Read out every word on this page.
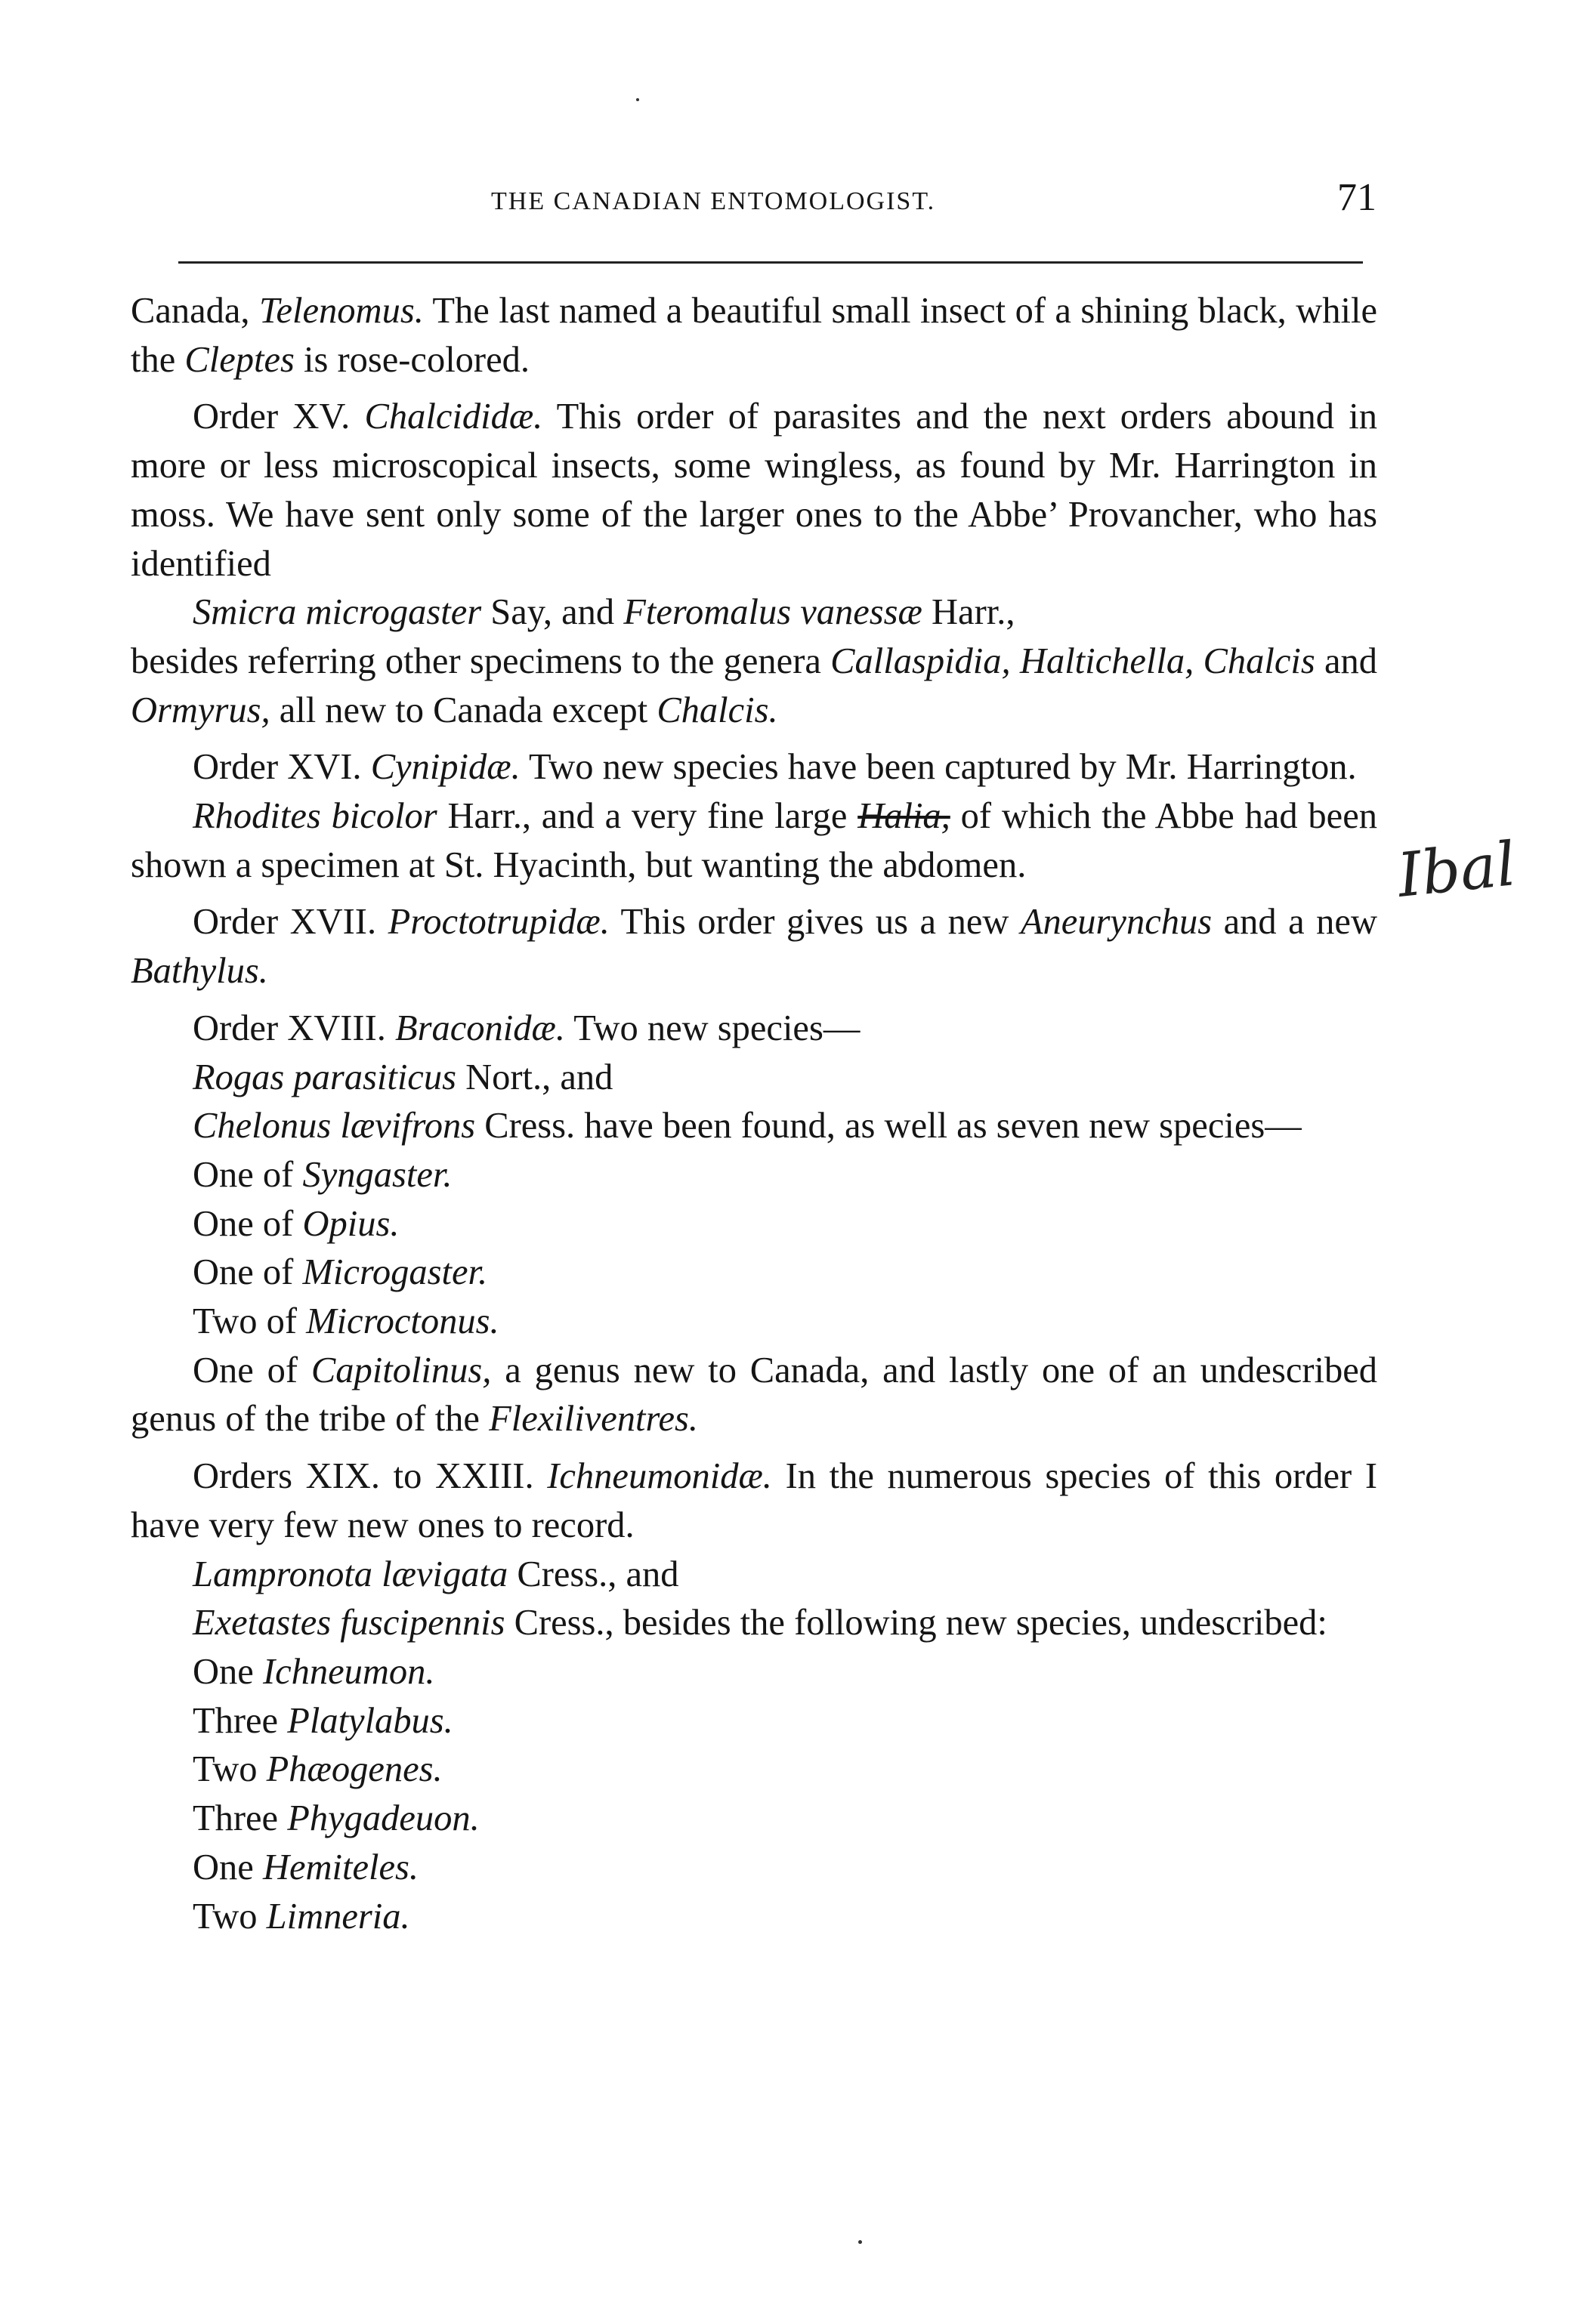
THE CANADIAN ENTOMOLOGIST.	71
Ibal

Canada, Telenomus. The last named a beautiful small insect of a shining black, while the Cleptes is rose-colored.

Order XV. Chalcididæ. This order of parasites and the next orders abound in more or less microscopical insects, some wingless, as found by Mr. Harrington in moss. We have sent only some of the larger ones to the Abbe’ Provancher, who has identified

Smicra microgaster Say, and Fteromalus vanessæ Harr.,

besides referring other specimens to the genera Callaspidia, Haltichella, Chalcis and Ormyrus, all new to Canada except Chalcis.

Order XVI. Cynipidæ. Two new species have been captured by Mr. Harrington.

Rhodites bicolor Harr., and a very fine large Halia, of which the Abbe had been shown a specimen at St. Hyacinth, but wanting the abdomen.

Order XVII. Proctotrupidæ. This order gives us a new Aneurynchus and a new Bathylus.

Order XVIII. Braconidæ. Two new species—

Rogas parasiticus Nort., and

Chelonus lævifrons Cress. have been found, as well as seven new species—

One of Syngaster.

One of Opius.

One of Microgaster.

Two of Microctonus.

One of Capitolinus, a genus new to Canada, and lastly one of an undescribed genus of the tribe of the Flexiliventres.

Orders XIX. to XXIII. Ichneumonidæ. In the numerous species of this order I have very few new ones to record.

Lampronota lævigata Cress., and

Exetastes fuscipennis Cress., besides the following new species, undescribed:

One Ichneumon.

Three Platylabus.

Two Phæogenes.

Three Phygadeuon.

One Hemiteles.

Two Limneria.
